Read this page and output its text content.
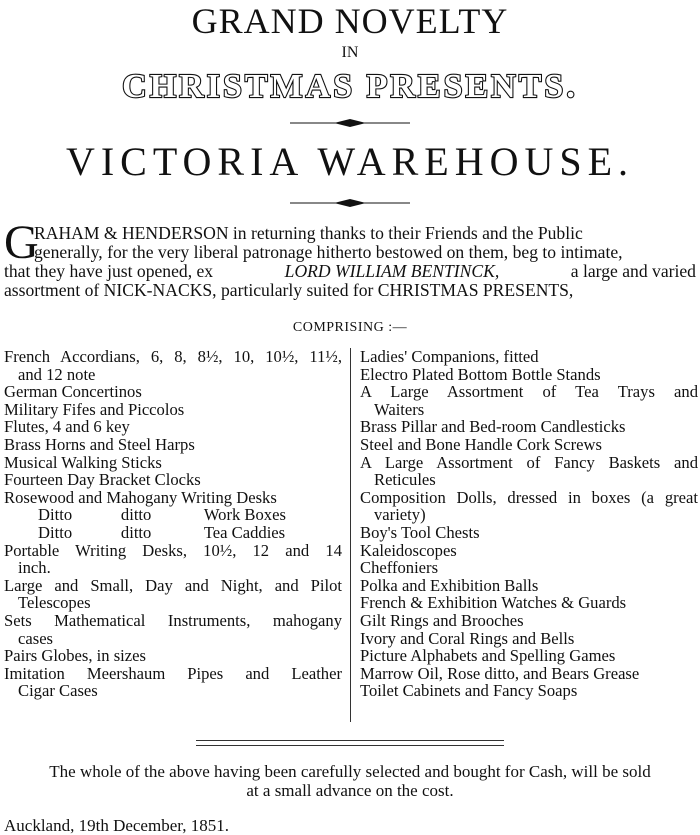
GRAND NOVELTY
IN
CHRISTMAS PRESENTS.
VICTORIA WAREHOUSE.
G
RAHAM & HENDERSON in returning thanks to their Friends and the Public
generally, for the very liberal patronage hitherto bestowed on them, beg to intimate,
that they have just opened, ex	LORD WILLIAM BENTINCK,	a large and varied
assortment of NICK-NACKS, particularly suited for CHRISTMAS PRESENTS,
COMPRISING :—
French Accordians, 6, 8, 8½, 10, 10½, 11½,
and 12 note
German Concertinos
Military Fifes and Piccolos
Flutes, 4 and 6 key
Brass Horns and Steel Harps
Musical Walking Sticks
Fourteen Day Bracket Clocks
Rosewood and Mahogany Writing Desks
Ditto	ditto	Work Boxes
Ditto	ditto	Tea Caddies
Portable Writing Desks, 10½, 12 and 14
inch.
Large and Small, Day and Night, and Pilot
Telescopes
Sets Mathematical Instruments, mahogany
cases
Pairs Globes, in sizes
Imitation Meershaum Pipes and Leather
Cigar Cases
Ladies' Companions, fitted
Electro Plated Bottom Bottle Stands
A Large Assortment of Tea Trays and
Waiters
Brass Pillar and Bed-room Candlesticks
Steel and Bone Handle Cork Screws
A Large Assortment of Fancy Baskets and
Reticules
Composition Dolls, dressed in boxes (a great
variety)
Boy's Tool Chests
Kaleidoscopes
Cheffoniers
Polka and Exhibition Balls
French & Exhibition Watches & Guards
Gilt Rings and Brooches
Ivory and Coral Rings and Bells
Picture Alphabets and Spelling Games
Marrow Oil, Rose ditto, and Bears Grease
Toilet Cabinets and Fancy Soaps
The whole of the above having been carefully selected and bought for Cash, will be sold
at a small advance on the cost.
Auckland, 19th December, 1851.
